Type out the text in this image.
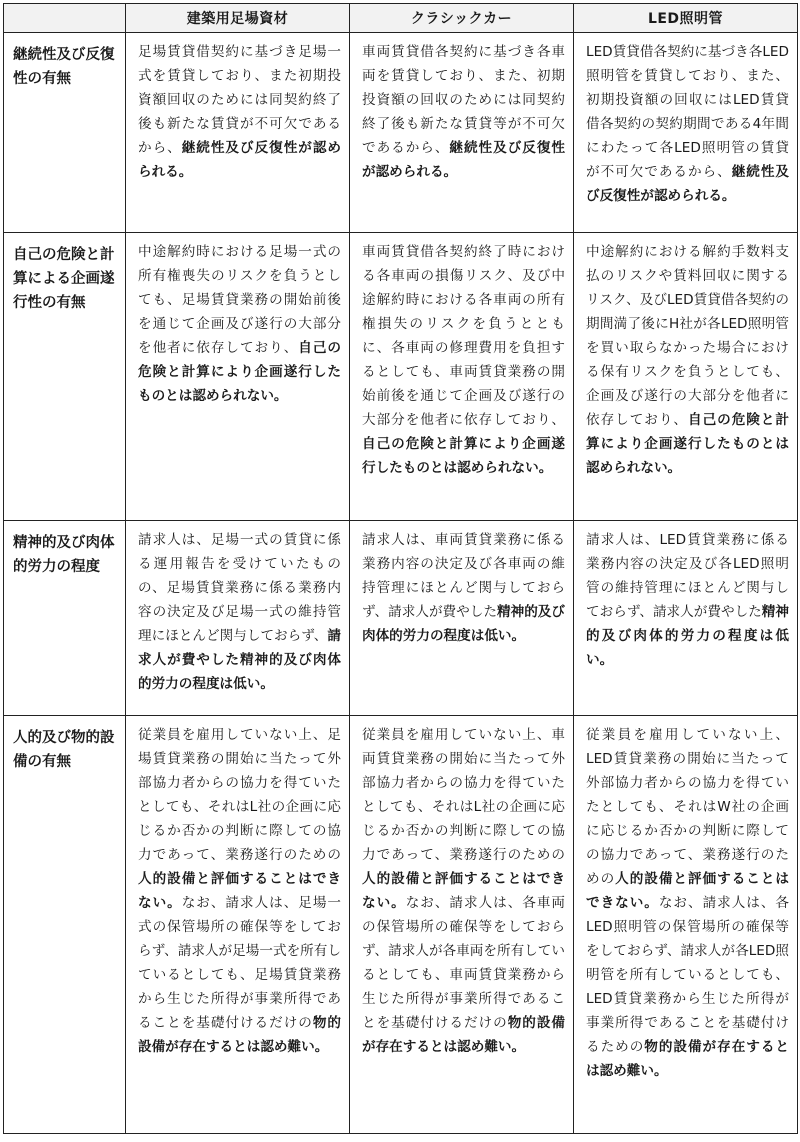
	建築用足場資材	クラシックカー	LED照明管
継続性及び反復性の有無	足場賃貸借契約に基づき足場一式を賃貸しており、また初期投資額回収のためには同契約終了後も新たな賃貸が不可欠であるから、継続性及び反復性が認められる。	車両賃貸借各契約に基づき各車両を賃貸しており、また、初期投資額の回収のためには同契約終了後も新たな賃貸等が不可欠であるから、継続性及び反復性が認められる。	LED賃貸借各契約に基づき各LED照明管を賃貸しており、また、初期投資額の回収にはLED賃貸借各契約の契約期間である4年間にわたって各LED照明管の賃貸が不可欠であるから、継続性及び反復性が認められる。
自己の危険と計算による企画遂行性の有無	中途解約時における足場一式の所有権喪失のリスクを負うとしても、足場賃貸業務の開始前後を通じて企画及び遂行の大部分を他者に依存しており、自己の危険と計算により企画遂行したものとは認められない。	車両賃貸借各契約終了時における各車両の損傷リスク、及び中途解約時における各車両の所有権損失のリスクを負うとともに、各車両の修理費用を負担するとしても、車両賃貸業務の開始前後を通じて企画及び遂行の大部分を他者に依存しており、自己の危険と計算により企画遂行したものとは認められない。	中途解約における解約手数料支払のリスクや賃料回収に関するリスク、及びLED賃貸借各契約の期間満了後にH社が各LED照明管を買い取らなかった場合における保有リスクを負うとしても、企画及び遂行の大部分を他者に依存しており、自己の危険と計算により企画遂行したものとは認められない。
精神的及び肉体的労力の程度	請求人は、足場一式の賃貸に係る運用報告を受けていたものの、足場賃貸業務に係る業務内容の決定及び足場一式の維持管理にほとんど関与しておらず、請求人が費やした精神的及び肉体的労力の程度は低い。	請求人は、車両賃貸業務に係る業務内容の決定及び各車両の維持管理にほとんど関与しておらず、請求人が費やした精神的及び肉体的労力の程度は低い。	請求人は、LED賃貸業務に係る業務内容の決定及び各LED照明管の維持管理にほとんど関与しておらず、請求人が費やした精神的及び肉体的労力の程度は低い。
人的及び物的設備の有無	従業員を雇用していない上、足場賃貸業務の開始に当たって外部協力者からの協力を得ていたとしても、それはL社の企画に応じるか否かの判断に際しての協力であって、業務遂行のための人的設備と評価することはできない。なお、請求人は、足場一式の保管場所の確保等をしておらず、請求人が足場一式を所有しているとしても、足場賃貸業務から生じた所得が事業所得であることを基礎付けるだけの物的設備が存在するとは認め難い。	従業員を雇用していない上、車両賃貸業務の開始に当たって外部協力者からの協力を得ていたとしても、それはL社の企画に応じるか否かの判断に際しての協力であって、業務遂行のための人的設備と評価することはできない。なお、請求人は、各車両の保管場所の確保等をしておらず、請求人が各車両を所有しているとしても、車両賃貸業務から生じた所得が事業所得であることを基礎付けるだけの物的設備が存在するとは認め難い。	従業員を雇用していない上、LED賃貸業務の開始に当たって外部協力者からの協力を得ていたとしても、それはW社の企画に応じるか否かの判断に際しての協力であって、業務遂行のための人的設備と評価することはできない。なお、請求人は、各LED照明管の保管場所の確保等をしておらず、請求人が各LED照明管を所有しているとしても、LED賃貸業務から生じた所得が事業所得であることを基礎付けるための物的設備が存在するとは認め難い。
